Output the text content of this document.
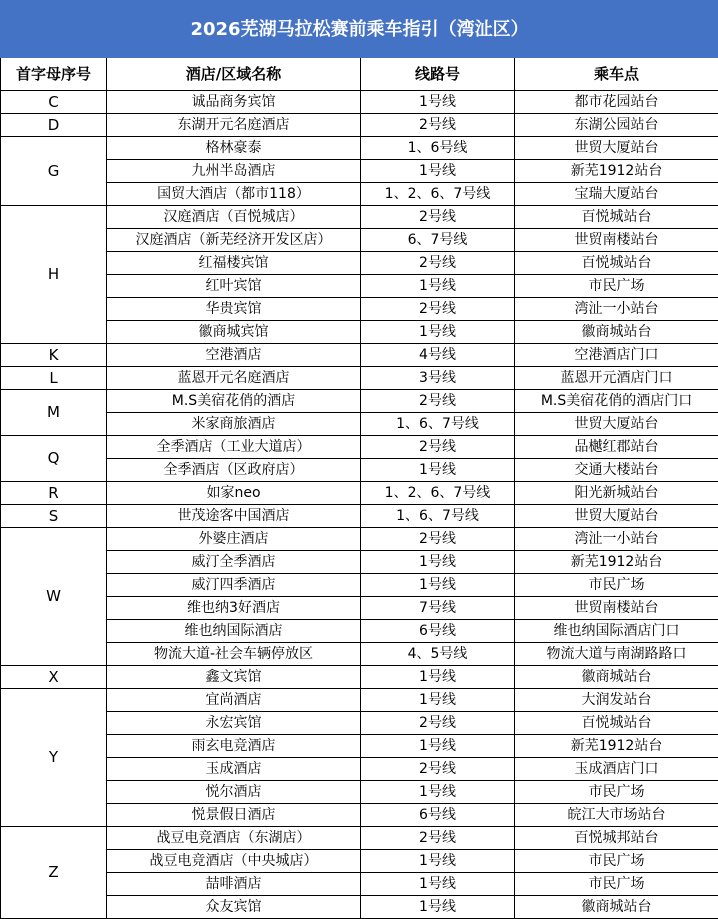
2026芜湖马拉松赛前乘车指引（湾沚区）			
首字母序号	酒店/区域名称	线路号	乘车点
C	诚品商务宾馆	1号线	都市花园站台
D	东湖开元名庭酒店	2号线	东湖公园站台
G	格林豪泰	1、6号线	世贸大厦站台
	九州半岛酒店	1号线	新芜1912站台
	国贸大酒店（都市118）	1、2、6、7号线	宝瑞大厦站台
H	汉庭酒店（百悦城店）	2号线	百悦城站台
	汉庭酒店（新芜经济开发区店）	6、7号线	世贸南楼站台
	红福楼宾馆	2号线	百悦城站台
	红叶宾馆	1号线	市民广场
	华贵宾馆	2号线	湾沚一小站台
	徽商城宾馆	1号线	徽商城站台
K	空港酒店	4号线	空港酒店门口
L	蓝恩开元名庭酒店	3号线	蓝恩开元酒店门口
M	M.S美宿花俏的酒店	2号线	M.S美宿花俏的酒店门口
	米家商旅酒店	1、6、7号线	世贸大厦站台
Q	全季酒店（工业大道店）	2号线	品樾红郡站台
	全季酒店（区政府店）	1号线	交通大楼站台
R	如家neo	1、2、6、7号线	阳光新城站台
S	世茂途客中国酒店	1、6、7号线	世贸大厦站台
W	外婆庄酒店	2号线	湾沚一小站台
	威汀全季酒店	1号线	新芜1912站台
	威汀四季酒店	1号线	市民广场
	维也纳3好酒店	7号线	世贸南楼站台
	维也纳国际酒店	6号线	维也纳国际酒店门口
	物流大道-社会车辆停放区	4、5号线	物流大道与南湖路路口
X	鑫文宾馆	1号线	徽商城站台
Y	宜尚酒店	1号线	大润发站台
	永宏宾馆	2号线	百悦城站台
	雨玄电竞酒店	1号线	新芜1912站台
	玉成酒店	2号线	玉成酒店门口
	悦尔酒店	1号线	市民广场
	悦景假日酒店	6号线	皖江大市场站台
Z	战豆电竞酒店（东湖店）	2号线	百悦城邦站台
	战豆电竞酒店（中央城店）	1号线	市民广场
	喆啡酒店	1号线	市民广场
	众友宾馆	1号线	徽商城站台
